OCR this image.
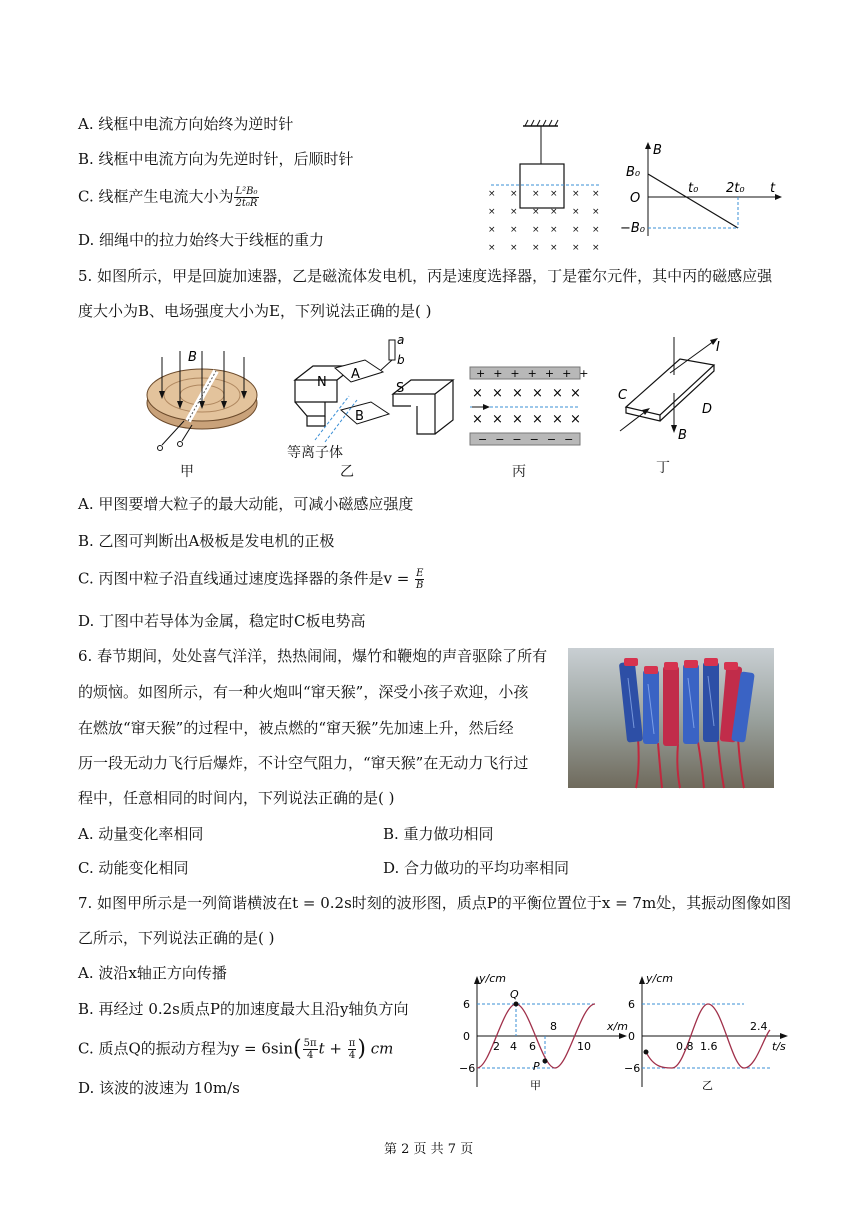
A. 线框中电流方向始终为逆时针
B. 线框中电流方向为先逆时针，后顺时针
C. 线框产生电流大小为 $\frac{\text{L²B₀}}{\text{2t₀R}}$
D. 细绳中的拉力始终大于线框的重力
× × × × × ×
× × × × × ×
× × × × × ×
× × × × × ×
B
B₀
O
−B₀
t₀ 2t₀ t
5. 如图所示，甲是回旋加速器，乙是磁流体发电机，丙是速度选择器，丁是霍尔元件，其中丙的磁感应强
度大小为B、电场强度大小为E，下列说法正确的是( )
B
甲
N	S
A
B
a
b
等离子体
乙
+++++++
× × × × × ×
× × × × × ×
−−−−−−
丙
I
C
D
B
丁
A. 甲图要增大粒子的最大动能，可减小磁感应强度
B. 乙图可判断出A极板是发电机的正极
C. 丙图中粒子沿直线通过速度选择器的条件是$v = \frac{E}{B}$
D. 丁图中若导体为金属，稳定时C板电势高
6. 春节期间，处处喜气洋洋，热热闹闹，爆竹和鞭炮的声音驱除了所有
的烦恼。如图所示，有一种火炮叫“窜天猴”，深受小孩子欢迎，小孩
在燃放“窜天猴”的过程中，被点燃的“窜天猴”先加速上升，然后经
历一段无动力飞行后爆炸，不计空气阻力，“窜天猴”在无动力飞行过
程中，任意相同的时间内，下列说法正确的是( )
A. 动量变化率相同	B. 重力做功相同
C. 动能变化相同	D. 合力做功的平均功率相同
7. 如图甲所示是一列简谐横波在t = 0.2s时刻的波形图，质点P的平衡位置位于x = 7m处，其振动图像如图
乙所示，下列说法正确的是( )
A. 波沿x轴正方向传播
B. 再经过 0.2s质点P的加速度最大且沿y轴负方向
C. 质点Q的振动方程为$y = 6\sin( \frac{5\pi}{4}$ $t + \frac{\pi}{4}$ ) cm
D. 该波的波速为 10m/s
y/cm
x/m
6
−6
0
2 4 6
8
10
Q
P
甲
y/cm
t/s
6
−6
0
0.8 1.6
2.4
乙
第 2 页 共 7 页
